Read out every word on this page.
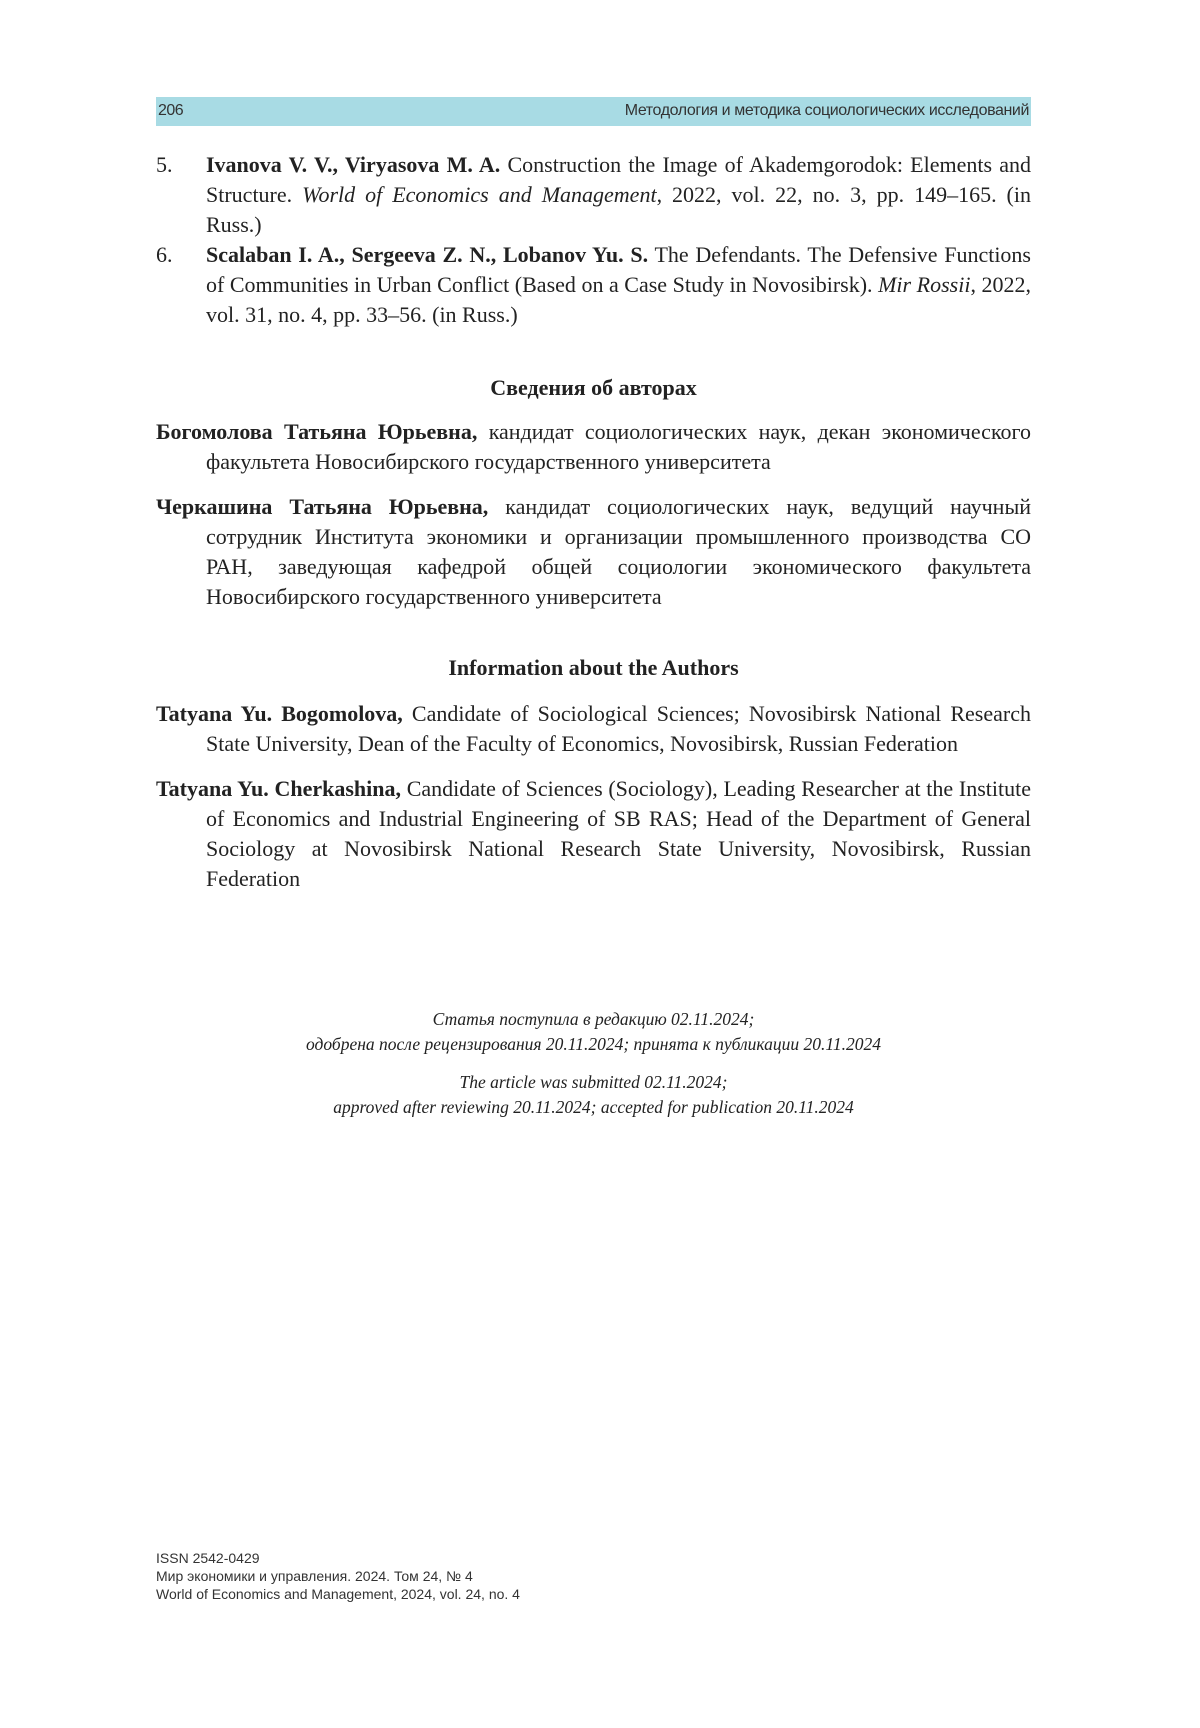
206	Методология и методика социологических исследований
5. Ivanova V. V., Viryasova M. A. Construction the Image of Akademgorodok: Elements and Structure. World of Economics and Management, 2022, vol. 22, no. 3, pp. 149–165. (in Russ.)
6. Scalaban I. A., Sergeeva Z. N., Lobanov Yu. S. The Defendants. The Defensive Functions of Communities in Urban Conflict (Based on a Case Study in Novosibirsk). Mir Rossii, 2022, vol. 31, no. 4, pp. 33–56. (in Russ.)
Сведения об авторах
Богомолова Татьяна Юрьевна, кандидат социологических наук, декан экономического факультета Новосибирского государственного университета
Черкашина Татьяна Юрьевна, кандидат социологических наук, ведущий научный сотрудник Института экономики и организации промышленного производства СО РАН, заведующая кафедрой общей социологии экономического факультета Новосибирского государственного университета
Information about the Authors
Tatyana Yu. Bogomolova, Candidate of Sociological Sciences; Novosibirsk National Research State University, Dean of the Faculty of Economics, Novosibirsk, Russian Federation
Tatyana Yu. Cherkashina, Candidate of Sciences (Sociology), Leading Researcher at the Institute of Economics and Industrial Engineering of SB RAS; Head of the Department of General Sociology at Novosibirsk National Research State University, Novosibirsk, Russian Federation
Статья поступила в редакцию 02.11.2024;
одобрена после рецензирования 20.11.2024; принята к публикации 20.11.2024
The article was submitted 02.11.2024;
approved after reviewing 20.11.2024; accepted for publication 20.11.2024
ISSN 2542-0429
Мир экономики и управления. 2024. Том 24, № 4
World of Economics and Management, 2024, vol. 24, no. 4
